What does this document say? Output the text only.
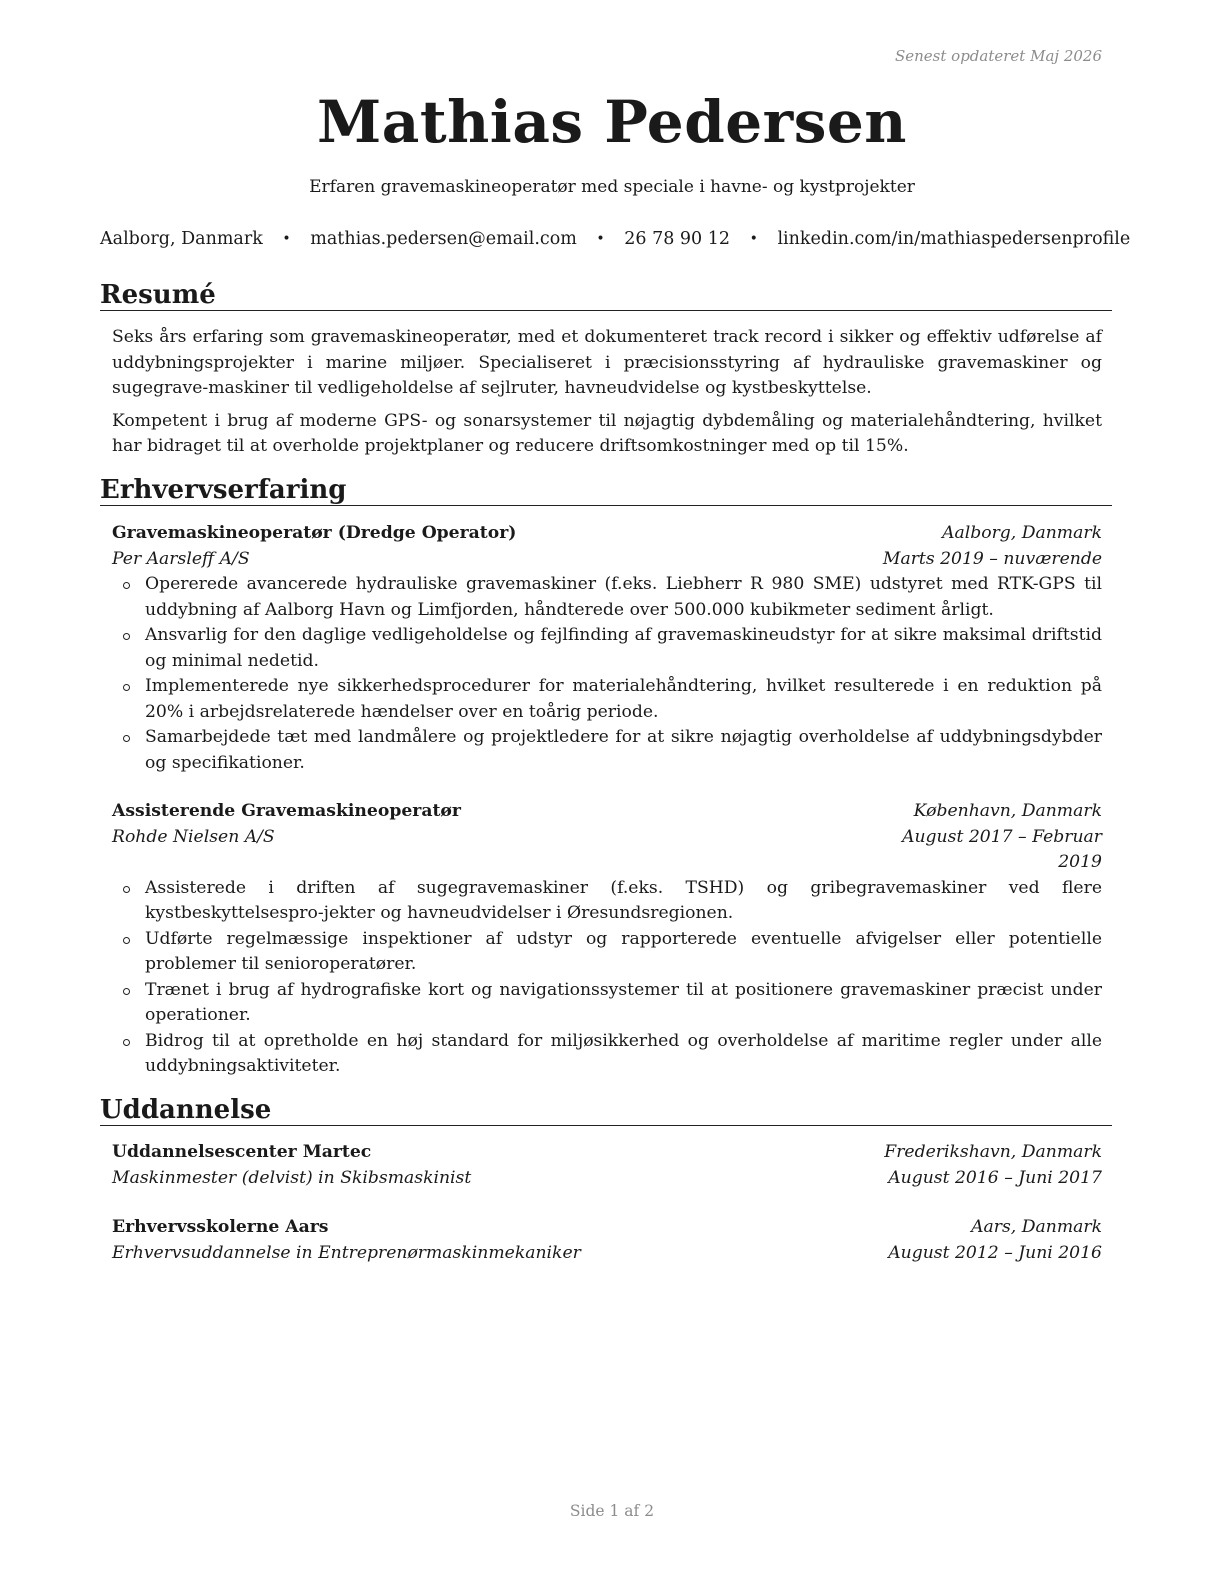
Senest opdateret Maj 2026
Mathias Pedersen
Erfaren gravemaskineoperatør med speciale i havne- og kystprojekter
Aalborg, Danmark • mathias.pedersen@email.com • 26 78 90 12 • linkedin.com/in/mathiaspedersenprofile
Resumé

Seks års erfaring som gravemaskineoperatør, med et dokumenteret track record i sikker og effektiv udførelse af uddybningsprojekter i marine miljøer. Specialiseret i præcisionsstyring af hydrauliske gravemaskiner og sugegrave-maskiner til vedligeholdelse af sejlruter, havneudvidelse og kystbeskyttelse.

Kompetent i brug af moderne GPS- og sonarsystemer til nøjagtig dybdemåling og materialehåndtering, hvilket har bidraget til at overholde projektplaner og reducere driftsomkostninger med op til 15%.

Erhvervserfaring
Gravemaskineoperatør (Dredge Operator)	Aalborg, Danmark
Per Aarsleff A/S	Marts 2019 – nuværende
Opererede avancerede hydrauliske gravemaskiner (f.eks. Liebherr R 980 SME) udstyret med RTK-GPS til uddybning af Aalborg Havn og Limfjorden, håndterede over 500.000 kubikmeter sediment årligt.
Ansvarlig for den daglige vedligeholdelse og fejlfinding af gravemaskineudstyr for at sikre maksimal driftstid og minimal nedetid.
Implementerede nye sikkerhedsprocedurer for materialehåndtering, hvilket resulterede i en reduktion på 20% i arbejdsrelaterede hændelser over en toårig periode.
Samarbejdede tæt med landmålere og projektledere for at sikre nøjagtig overholdelse af uddybningsdybder og specifikationer.
Assisterende Gravemaskineoperatør	København, Danmark
Rohde Nielsen A/S	August 2017 – Februar 2019
Assisterede i driften af sugegravemaskiner (f.eks. TSHD) og gribegravemaskiner ved flere kystbeskyttelsespro-jekter og havneudvidelser i Øresundsregionen.
Udførte regelmæssige inspektioner af udstyr og rapporterede eventuelle afvigelser eller potentielle problemer til senioroperatører.
Trænet i brug af hydrografiske kort og navigationssystemer til at positionere gravemaskiner præcist under operationer.
Bidrog til at opretholde en høj standard for miljøsikkerhed og overholdelse af maritime regler under alle uddybningsaktiviteter.
Uddannelse
Uddannelsescenter Martec	Frederikshavn, Danmark
Maskinmester (delvist) in Skibsmaskinist	August 2016 – Juni 2017
Erhvervsskolerne Aars	Aars, Danmark
Erhvervsuddannelse in Entreprenørmaskinmekaniker	August 2012 – Juni 2016
Side 1 af 2
